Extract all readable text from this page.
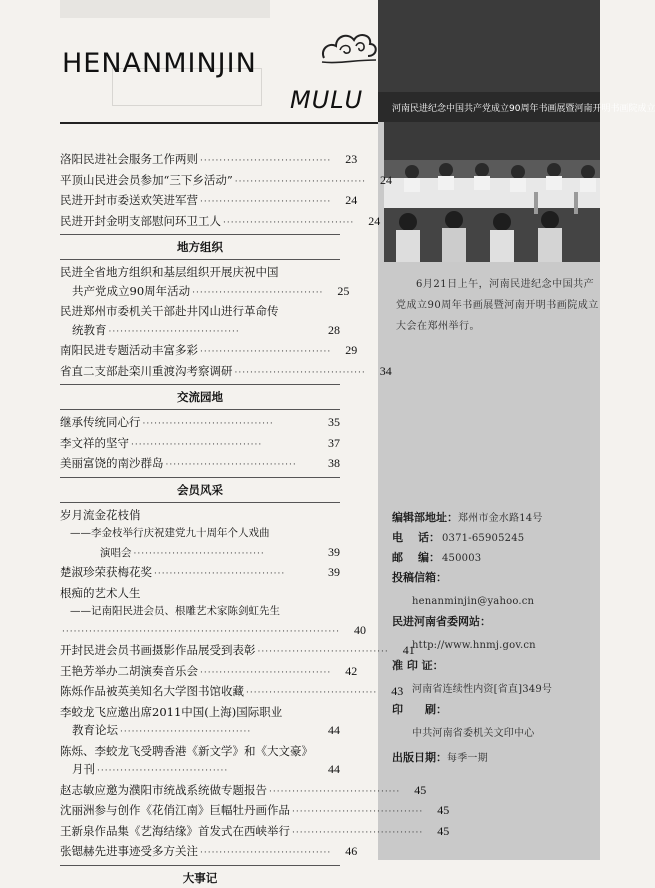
HENANMINJIN
MULU	河南民进纪念中国共产党成立90周年书画展暨河南开明书画院成立
6月21日上午，河南民进纪念中国共产党成立90周年书画展暨河南开明书画院成立大会在郑州举行。
编辑部地址： 郑州市金水路14号
电	话： 0371-65905245
邮	编： 450003
投稿信箱：
henanminjin@yahoo.cn
民进河南省委网站：
http://www.hnmj.gov.cn
准 印 证：
河南省连续性内资[省直]349号
印　　刷：
中共河南省委机关文印中心
出版日期： 每季一期
洛阳民进社会服务工作两则 ··································	23
平顶山民进会员参加“三下乡活动” ··································	24
民进开封市委送欢笑进军营 ··································	24
民进开封金明支部慰问环卫工人 ··································	24
地方组织
民进全省地方组织和基层组织开展庆祝中国
共产党成立90周年活动 ··································	25
民进郑州市委机关干部赴井冈山进行革命传
统教育 ··································	28
南阳民进专题活动丰富多彩 ··································	29
省直二支部赴栾川重渡沟考察调研 ··································	34
交流园地
继承传统同心行 ··································	35
李文祥的坚守 ··································	37
美丽富饶的南沙群岛 ··································	38
会员风采
岁月流金花枝俏
——李金枝举行庆祝建党九十周年个人戏曲
演唱会 ··································	39
楚淑珍荣获梅花奖 ··································	39
根痴的艺术人生
——记南阳民进会员、根雕艺术家陈剑虹先生
········································································	40
开封民进会员书画摄影作品展受到表彰 ··································	41
王艳芳举办二胡演奏音乐会 ··································	42
陈烁作品被英美知名大学图书馆收藏 ··································	43
李蛟龙飞应邀出席2011中国(上海)国际职业
教育论坛 ··································	44
陈烁、李蛟龙飞受聘香港《新文学》和《大文豪》
月刊 ··································	44
赵志敏应邀为濮阳市统战系统做专题报告 ··································	45
沈丽洲参与创作《花俏江南》巨幅牡丹画作品 ··································	45
王新泉作品集《艺海结缘》首发式在西峡举行 ··································	45
张锶赫先进事迹受多方关注 ··································	46
大事记
